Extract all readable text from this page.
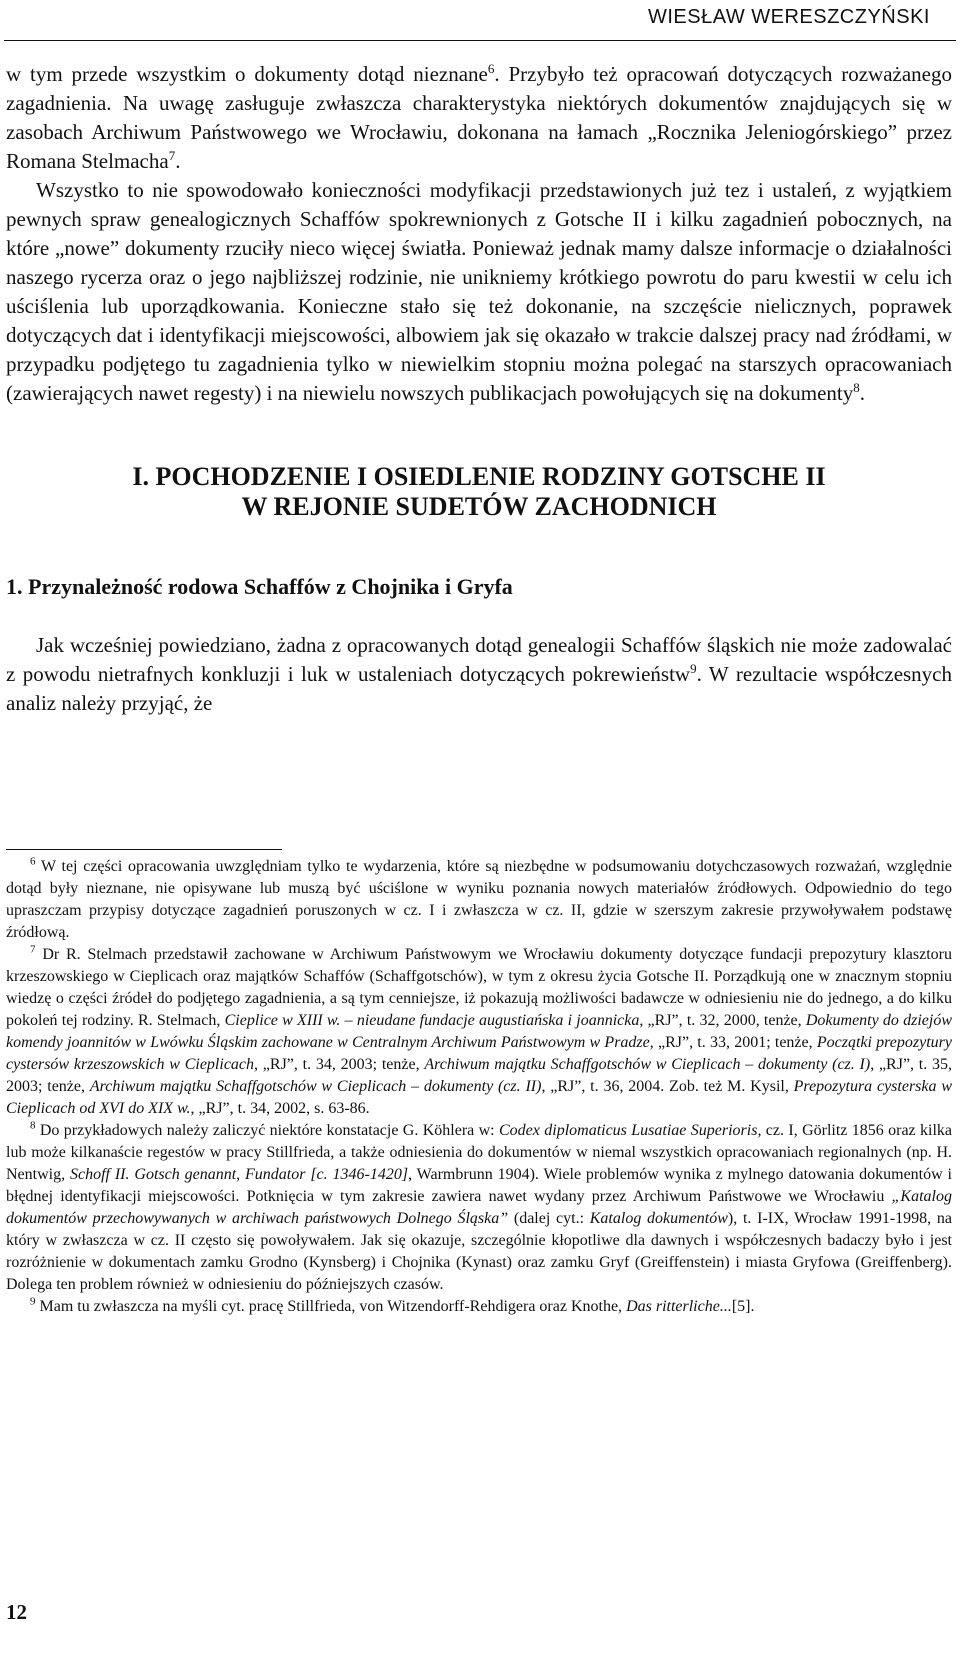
WIESŁAW WERESZCZYŃSKI

w tym przede wszystkim o dokumenty dotąd nieznane$^6$. Przybyło też opracowań dotyczących rozważanego zagadnienia. Na uwagę zasługuje zwłaszcza charakterystyka niektórych dokumentów znajdujących się w zasobach Archiwum Państwowego we Wrocławiu, dokonana na łamach „Rocznika Jeleniogórskiego” przez Romana Stelmacha$^7$.

Wszystko to nie spowodowało konieczności modyfikacji przedstawionych już tez i ustaleń, z wyjątkiem pewnych spraw genealogicznych Schaffów spokrewnionych z Gotsche II i kilku zagadnień pobocznych, na które „nowe” dokumenty rzuciły nieco więcej światła. Ponieważ jednak mamy dalsze informacje o działalności naszego rycerza oraz o jego najbliższej rodzinie, nie unikniemy krótkiego powrotu do paru kwestii w celu ich uściślenia lub uporządkowania. Konieczne stało się też dokonanie, na szczęście nielicznych, poprawek dotyczących dat i identyfikacji miejscowości, albowiem jak się okazało w trakcie dalszej pracy nad źródłami, w przypadku podjętego tu zagadnienia tylko w niewielkim stopniu można polegać na starszych opracowaniach (zawierających nawet regesty) i na niewielu nowszych publikacjach powołujących się na dokumenty$^8$.

I. POCHODZENIE I OSIEDLENIE RODZINY GOTSCHE II
W REJONIE SUDETÓW ZACHODNICH
1. Przynależność rodowa Schaffów z Chojnika i Gryfa

Jak wcześniej powiedziano, żadna z opracowanych dotąd genealogii Schaffów śląskich nie może zadowalać z powodu nietrafnych konkluzji i luk w ustaleniach dotyczących pokrewieństw$^9$. W rezultacie współczesnych analiz należy przyjąć, że

$^6$ W tej części opracowania uwzględniam tylko te wydarzenia, które są niezbędne w podsumowaniu dotychczasowych rozważań, względnie dotąd były nieznane, nie opisywane lub muszą być uściślone w wyniku poznania nowych materiałów źródłowych. Odpowiednio do tego upraszczam przypisy dotyczące zagadnień poruszonych w cz. I i zwłaszcza w cz. II, gdzie w szerszym zakresie przywoływałem podstawę źródłową.

$^7$ Dr R. Stelmach przedstawił zachowane w Archiwum Państwowym we Wrocławiu dokumenty dotyczące fundacji prepozytury klasztoru krzeszowskiego w Cieplicach oraz majątków Schaffów (Schaffgotschów), w tym z okresu życia Gotsche II. Porządkują one w znacznym stopniu wiedzę o części źródeł do podjętego zagadnienia, a są tym cenniejsze, iż pokazują możliwości badawcze w odniesieniu nie do jednego, a do kilku pokoleń tej rodziny. R. Stelmach, Cieplice w XIII w. – nieudane fundacje augustiańska i joannicka, „RJ”, t. 32, 2000, tenże, Dokumenty do dziejów komendy joannitów w Lwówku Śląskim zachowane w Centralnym Archiwum Państwowym w Pradze, „RJ”, t. 33, 2001; tenże, Początki prepozytury cystersów krzeszowskich w Cieplicach, „RJ”, t. 34, 2003; tenże, Archiwum majątku Schaffgotschów w Cieplicach – dokumenty (cz. I), „RJ”, t. 35, 2003; tenże, Archiwum majątku Schaffgotschów w Cieplicach – dokumenty (cz. II), „RJ”, t. 36, 2004. Zob. też M. Kysil, Prepozytura cysterska w Cieplicach od XVI do XIX w., „RJ”, t. 34, 2002, s. 63-86.

$^8$ Do przykładowych należy zaliczyć niektóre konstatacje G. Köhlera w: Codex diplomaticus Lusatiae Superioris, cz. I, Görlitz 1856 oraz kilka lub może kilkanaście regestów w pracy Stillfrieda, a także odniesienia do dokumentów w niemal wszystkich opracowaniach regionalnych (np. H. Nentwig, Schoff II. Gotsch genannt, Fundator [c. 1346-1420], Warmbrunn 1904). Wiele problemów wynika z mylnego datowania dokumentów i błędnej identyfikacji miejscowości. Potknięcia w tym zakresie zawiera nawet wydany przez Archiwum Państwowe we Wrocławiu „Katalog dokumentów przechowywanych w archiwach państwowych Dolnego Śląska” (dalej cyt.: Katalog dokumentów), t. I-IX, Wrocław 1991-1998, na który w zwłaszcza w cz. II często się powoływałem. Jak się okazuje, szczególnie kłopotliwe dla dawnych i współczesnych badaczy było i jest rozróżnienie w dokumentach zamku Grodno (Kynsberg) i Chojnika (Kynast) oraz zamku Gryf (Greiffenstein) i miasta Gryfowa (Greiffenberg). Dolega ten problem również w odniesieniu do późniejszych czasów.

$^9$ Mam tu zwłaszcza na myśli cyt. pracę Stillfrieda, von Witzendorff-Rehdigera oraz Knothe, Das ritterliche...[5].

12
